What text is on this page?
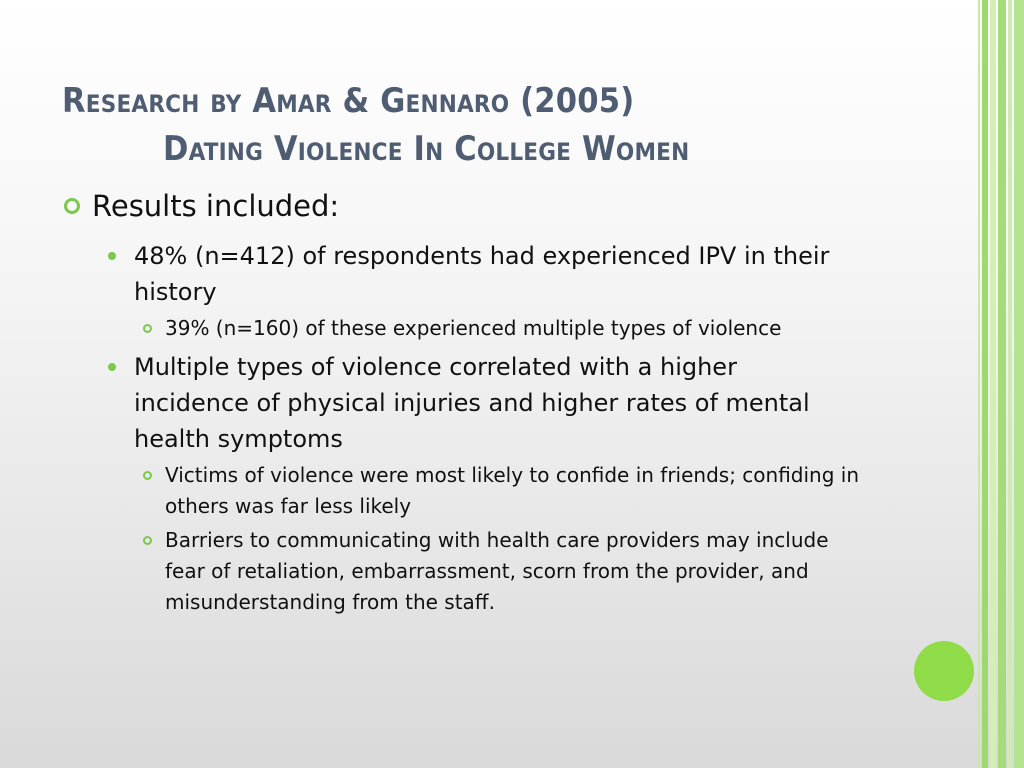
Research by Amar & Gennaro (2005)
Dating Violence In College Women
Results included:
48% (n=412) of respondents had experienced IPV in their history
39% (n=160) of these experienced multiple types of violence
Multiple types of violence correlated with a higher incidence of physical injuries and higher rates of mental health symptoms
Victims of violence were most likely to confide in friends; confiding in others was far less likely
Barriers to communicating with health care providers may include fear of retaliation, embarrassment, scorn from the provider, and misunderstanding from the staff.
